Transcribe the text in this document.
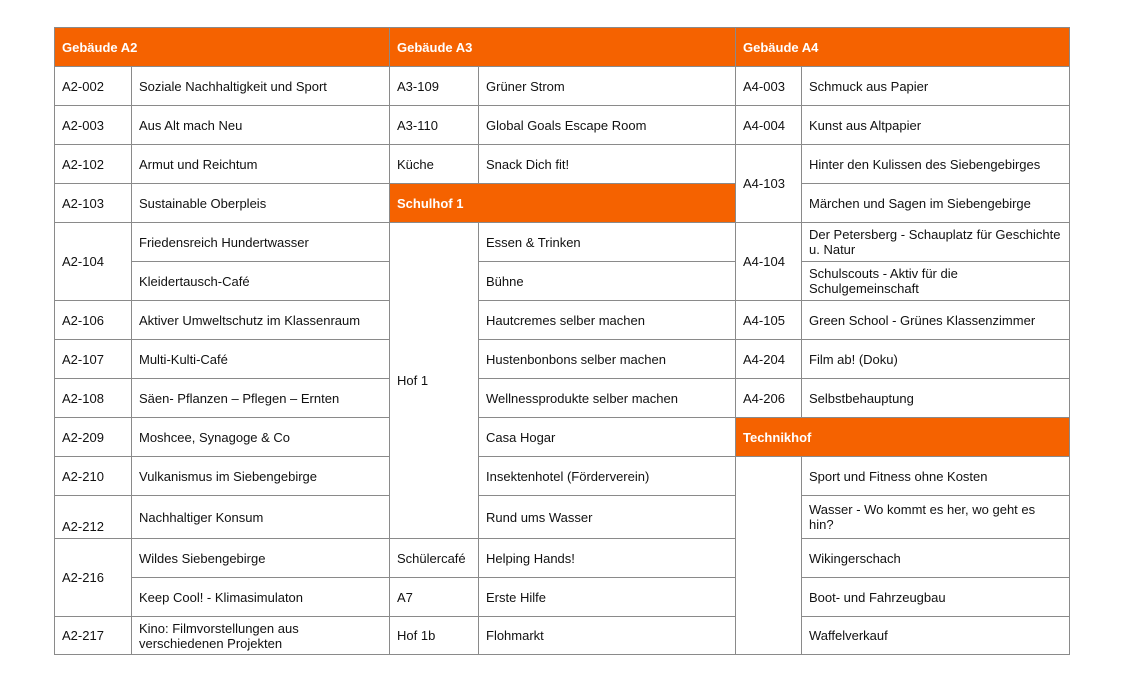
Gebäude A2		Gebäude A3		Gebäude A4	
A2-002	Soziale Nachhaltigkeit und Sport	A3-109	Grüner Strom	A4-003	Schmuck aus Papier
A2-003	Aus Alt mach Neu	A3-110	Global Goals Escape Room	A4-004	Kunst aus Altpapier
A2-102	Armut und Reichtum	Küche	Snack Dich fit!	A4-103	Hinter den Kulissen des Siebengebirges
A2-103	Sustainable Oberpleis	Schulhof 1			Märchen und Sagen im Siebengebirge
A2-104	Friedensreich Hundertwasser	Hof 1	Essen & Trinken	A4-104	Der Petersberg - Schauplatz für Geschichte u. Natur
	Kleidertausch-Café		Bühne		Schulscouts - Aktiv für die Schulgemeinschaft
A2-106	Aktiver Umweltschutz im Klassenraum		Hautcremes selber machen	A4-105	Green School - Grünes Klassenzimmer
A2-107	Multi-Kulti-Café		Hustenbonbons selber machen	A4-204	Film ab! (Doku)
A2-108	Säen- Pflanzen – Pflegen – Ernten		Wellnessprodukte selber machen	A4-206	Selbstbehauptung
A2-209	Moshcee, Synagoge & Co		Casa Hogar	Technikhof	
A2-210	Vulkanismus im Siebengebirge		Insektenhotel (Förderverein)		Sport und Fitness ohne Kosten
A2-212	Nachhaltiger Konsum		Rund ums Wasser		Wasser - Wo kommt es her, wo geht es hin?
A2-216	Wildes Siebengebirge	Schülercafé	Helping Hands!		Wikingerschach
	Keep Cool! - Klimasimulaton	A7	Erste Hilfe		Boot- und Fahrzeugbau
A2-217	Kino: Filmvorstellungen aus verschiedenen Projekten	Hof 1b	Flohmarkt		Waffelverkauf
